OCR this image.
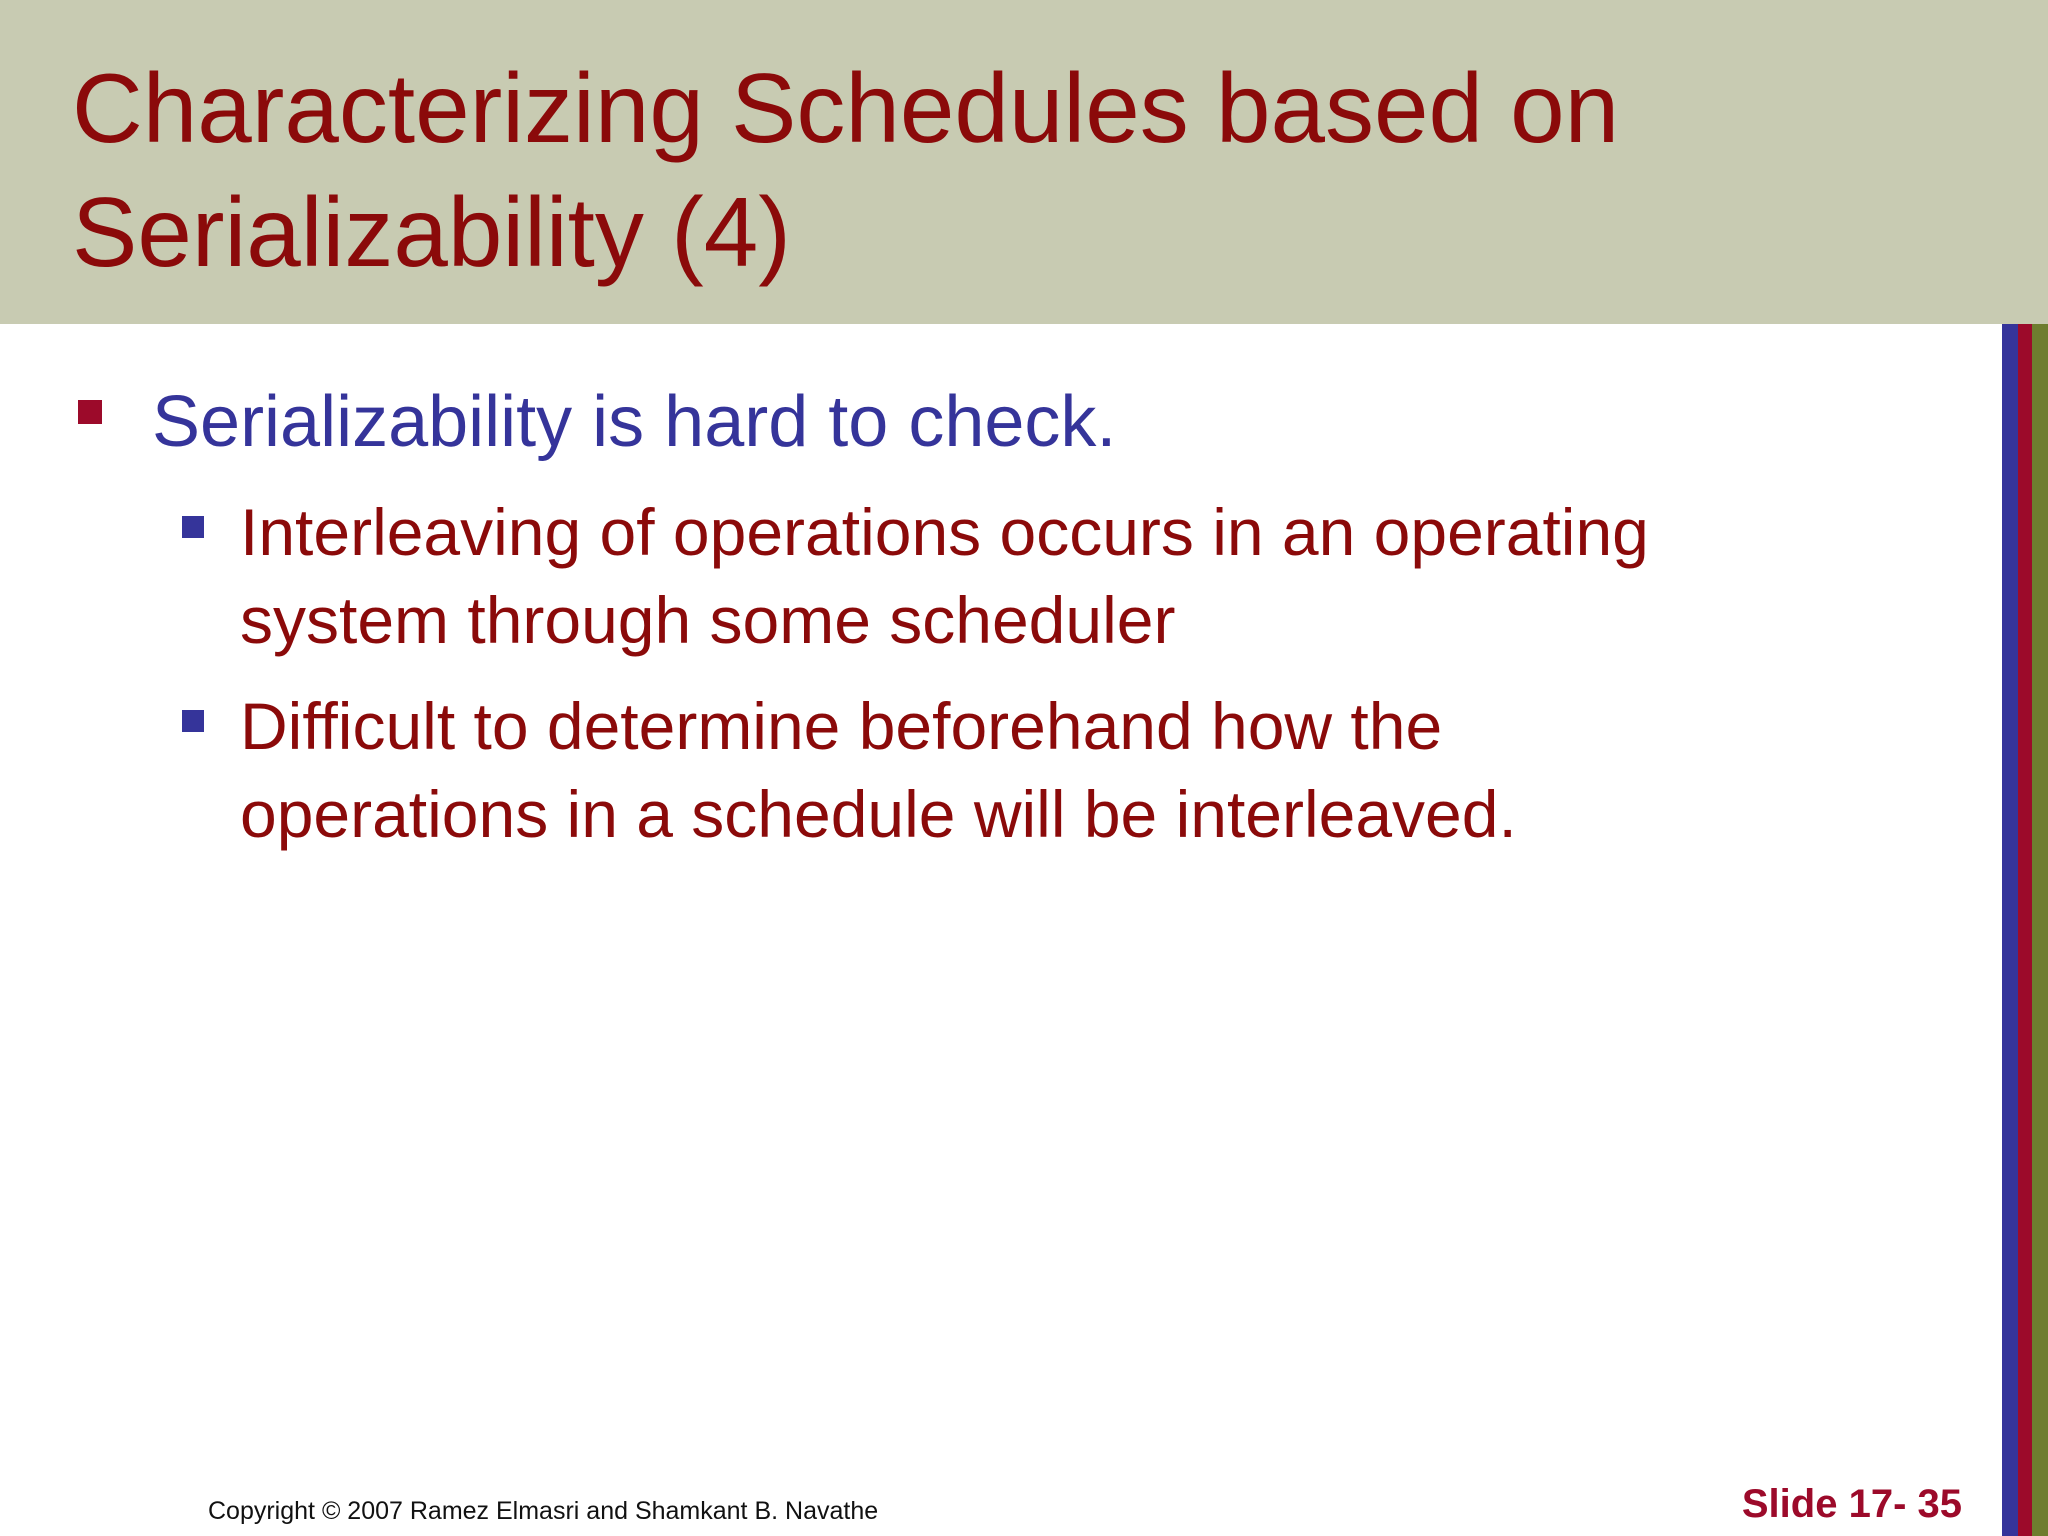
Characterizing Schedules based on
Serializability (4)
Serializability is hard to check.
Interleaving of operations occurs in an operating
system through some scheduler
Difficult to determine beforehand how the
operations in a schedule will be interleaved.
Copyright © 2007 Ramez Elmasri and Shamkant B. Navathe	Slide 17- 35
